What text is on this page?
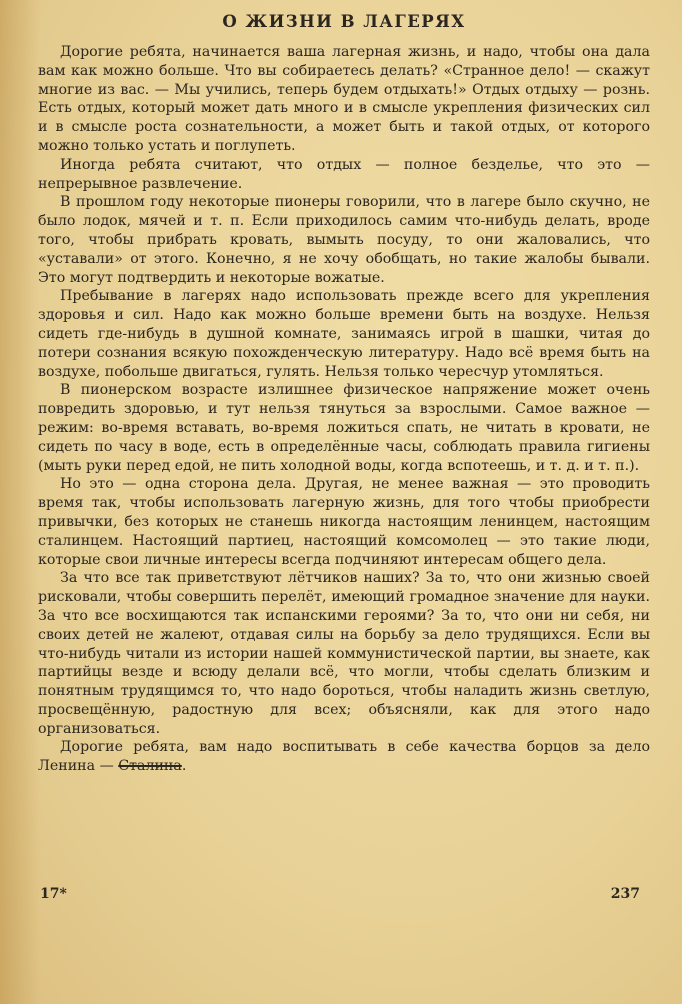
О ЖИЗНИ В ЛАГЕРЯХ

Дорогие ребята, начинается ваша лагерная жизнь, и надо, чтобы она дала вам как можно больше. Что вы собираетесь делать? «Странное дело! — скажут многие из вас. — Мы учились, теперь будем отдыхать!» Отдых отдыху — рознь. Есть отдых, который может дать много и в смысле укрепления физических сил и в смысле роста сознательности, а может быть и такой отдых, от которого можно только устать и поглупеть.

Иногда ребята считают, что отдых — полное безделье, что это — непрерывное развлечение.

В прошлом году некоторые пионеры говорили, что в лагере было скучно, не было лодок, мячей и т. п. Если приходилось самим что-нибудь делать, вроде того, чтобы прибрать кровать, вымыть посуду, то они жаловались, что «уставали» от этого. Конечно, я не хочу обобщать, но такие жалобы бывали. Это могут подтвердить и некоторые вожатые.

Пребывание в лагерях надо использовать прежде всего для укрепления здоровья и сил. Надо как можно больше времени быть на воздухе. Нельзя сидеть где-нибудь в душной комнате, занимаясь игрой в шашки, читая до потери сознания всякую похожденческую литературу. Надо всё время быть на воздухе, побольше двигаться, гулять. Нельзя только чересчур утомляться.

В пионерском возрасте излишнее физическое напряжение может очень повредить здоровью, и тут нельзя тянуться за взрослыми. Самое важное — режим: во-время вставать, во-время ложиться спать, не читать в кровати, не сидеть по часу в воде, есть в определённые часы, соблюдать правила гигиены (мыть руки перед едой, не пить холодной воды, когда вспотеешь, и т. д. и т. п.).

Но это — одна сторона дела. Другая, не менее важная — это проводить время так, чтобы использовать лагерную жизнь, для того чтобы приобрести привычки, без которых не станешь никогда настоящим ленинцем, настоящим сталинцем. Настоящий партиец, настоящий комсомолец — это такие люди, которые свои личные интересы всегда подчиняют интересам общего дела.

За что все так приветствуют лётчиков наших? За то, что они жизнью своей рисковали, чтобы совершить перелёт, имеющий громадное значение для науки. За что все восхищаются так испанскими героями? За то, что они ни себя, ни своих детей не жалеют, отдавая силы на борьбу за дело трудящихся. Если вы что-нибудь читали из истории нашей коммунистической партии, вы знаете, как партийцы везде и всюду делали всё, что могли, чтобы сделать близким и понятным трудящимся то, что надо бороться, чтобы наладить жизнь светлую, просвещённую, радостную для всех; объясняли, как для этого надо организоваться.

Дорогие ребята, вам надо воспитывать в себе качества борцов за дело Ленина — Сталина.

17*	237
